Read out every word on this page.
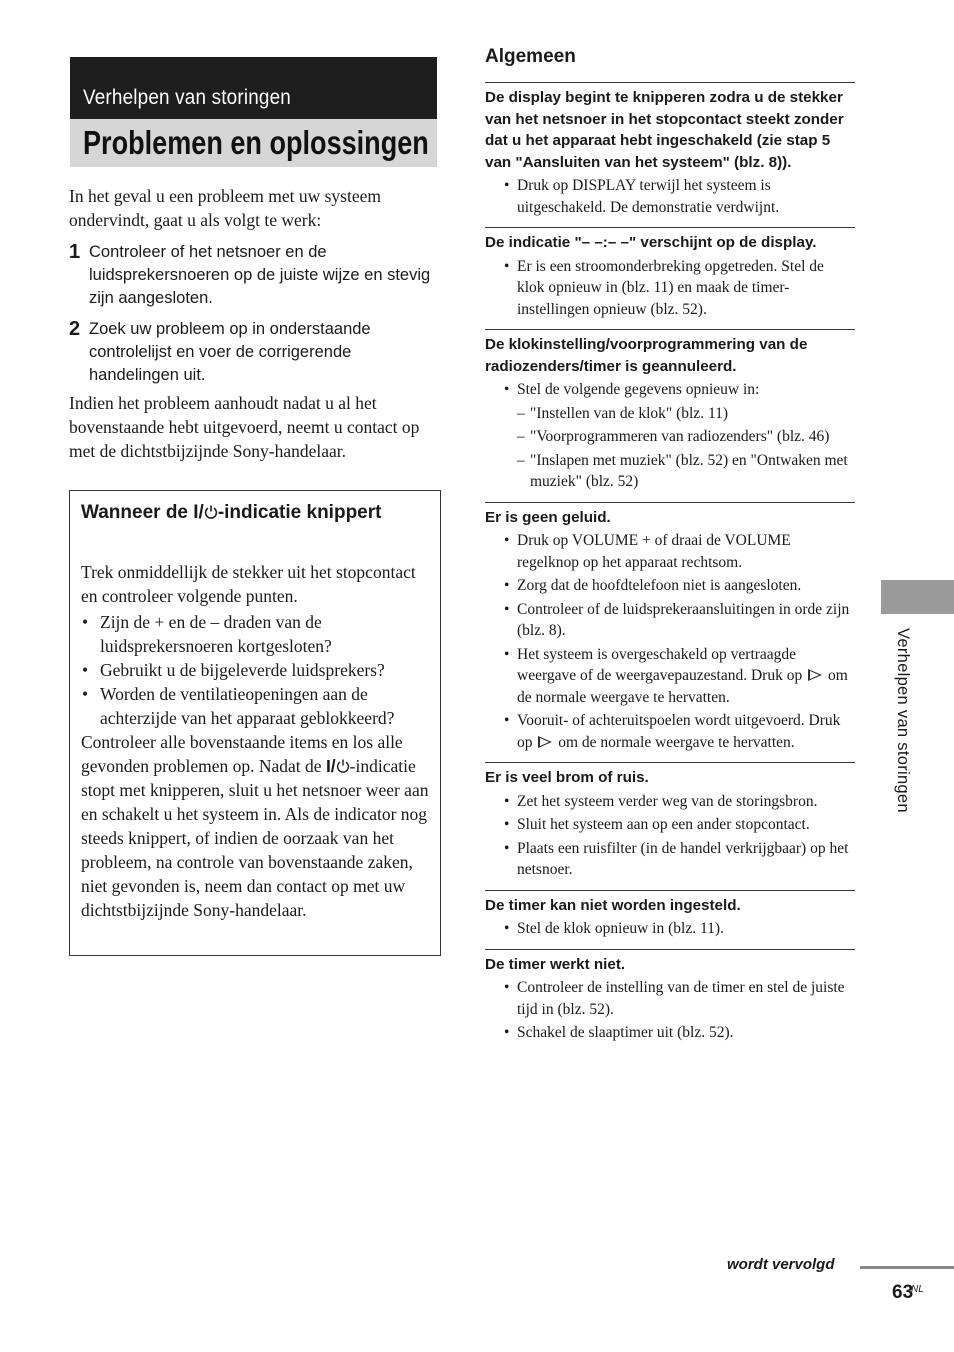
Verhelpen van storingen
Problemen en oplossingen

In het geval u een probleem met uw systeem ondervindt, gaat u als volgt te werk:

1 Controleer of het netsnoer en de luidsprekersnoeren op de juiste wijze en stevig zijn aangesloten.
2 Zoek uw probleem op in onderstaande controlelijst en voer de corrigerende handelingen uit.

Indien het probleem aanhoudt nadat u al het bovenstaande hebt uitgevoerd, neemt u contact op met de dichtstbijzijnde Sony-handelaar.

Wanneer de I/ -indicatie knippert
Trek onmiddellijk de stekker uit het stopcontact en controleer volgende punten.
• Zijn de + en de – draden van de luidsprekersnoeren kortgesloten?
• Gebruikt u de bijgeleverde luidsprekers?
• Worden de ventilatieopeningen aan de achterzijde van het apparaat geblokkeerd?
Controleer alle bovenstaande items en los alle gevonden problemen op. Nadat de I/ -indicatie stopt met knipperen, sluit u het netsnoer weer aan en schakelt u het systeem in. Als de indicator nog steeds knippert, of indien de oorzaak van het probleem, na controle van bovenstaande zaken, niet gevonden is, neem dan contact op met uw dichtstbijzijnde Sony-handelaar.
Algemeen

De display begint te knipperen zodra u de stekker van het netsnoer in het stopcontact steekt zonder dat u het apparaat hebt ingeschakeld (zie stap 5 van "Aansluiten van het systeem" (blz. 8)).

• Druk op DISPLAY terwijl het systeem is uitgeschakeld. De demonstratie verdwijnt.

De indicatie "– –:– –" verschijnt op de display.

• Er is een stroomonderbreking opgetreden. Stel de klok opnieuw in (blz. 11) en maak de timer-instellingen opnieuw (blz. 52).

De klokinstelling/voorprogrammering van de radiozenders/timer is geannuleerd.

• Stel de volgende gegevens opnieuw in:
– "Instellen van de klok" (blz. 11)
– "Voorprogrammeren van radiozenders" (blz. 46)
– "Inslapen met muziek" (blz. 52) en "Ontwaken met muziek" (blz. 52)

Er is geen geluid.

• Druk op VOLUME + of draai de VOLUME regelknop op het apparaat rechtsom.
• Zorg dat de hoofdtelefoon niet is aangesloten.
• Controleer of de luidsprekeraansluitingen in orde zijn (blz. 8).
• Het systeem is overgeschakeld op vertraagde weergave of de weergavepauzestand. Druk op  om de normale weergave te hervatten.
• Vooruit- of achteruitspoelen wordt uitgevoerd. Druk op  om de normale weergave te hervatten.

Er is veel brom of ruis.

• Zet het systeem verder weg van de storingsbron.
• Sluit het systeem aan op een ander stopcontact.
• Plaats een ruisfilter (in de handel verkrijgbaar) op het netsnoer.

De timer kan niet worden ingesteld.

• Stel de klok opnieuw in (blz. 11).

De timer werkt niet.

• Controleer de instelling van de timer en stel de juiste tijd in (blz. 52).
• Schakel de slaaptimer uit (blz. 52).
Verhelpen van storingen
wordt vervolgd
63
NL
